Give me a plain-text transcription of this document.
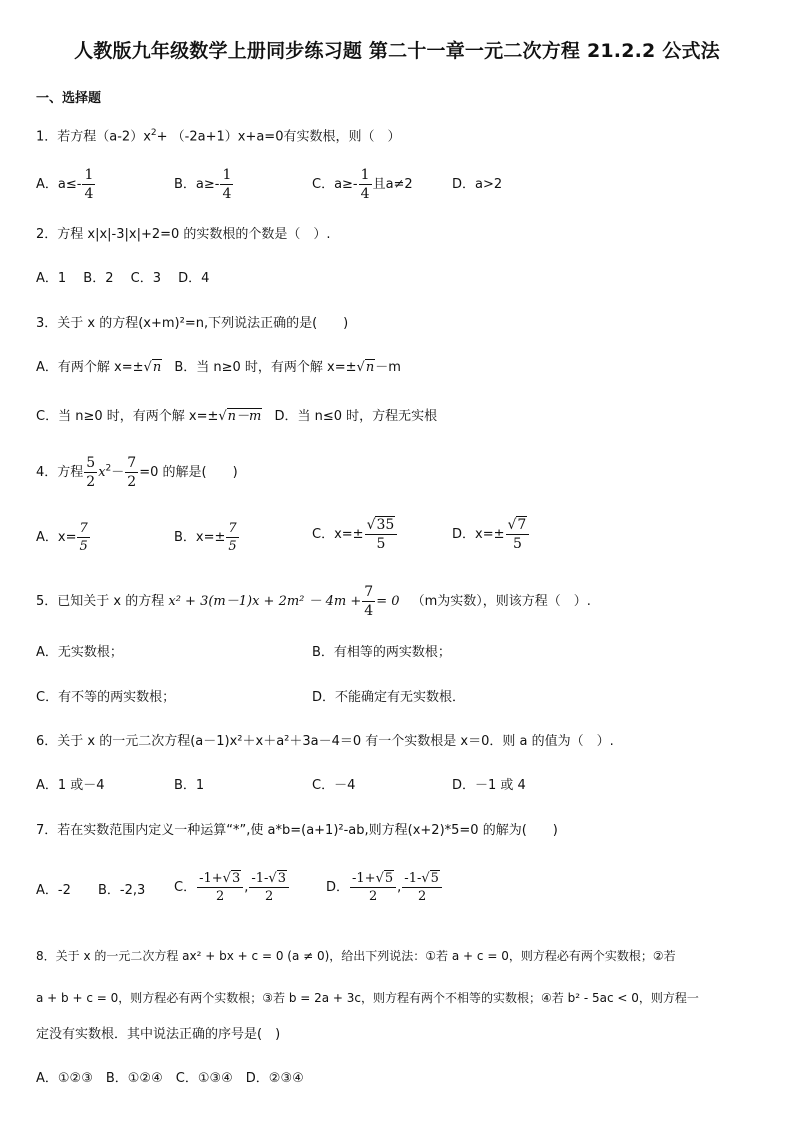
人教版九年级数学上册同步练习题 第二十一章一元二次方程 21.2.2 公式法
一、选择题
1．若方程$(a-2)x^2+ (-2a+1)x+a=0$有实数根，则（　）
A．$a\le- \frac{1}{4}$	B．$a\ge- \frac{1}{4}$	C．$a\ge- \frac{1}{4}$ 且a≠2	D．a>2
2．方程 x|x|-3|x|+2=0 的实数根的个数是（　）.
A．1　 B．2　 C．3　 D．4
3．关于 x 的方程(x+m)²=n,下列说法正确的是(　　)
A．有两个解 x=±√n B．当 n≥0 时，有两个解 x=±√n－m
C．当 n≥0 时，有两个解 x=±√n－m D．当 n≤0 时，方程无实根
4．方程 $\frac{5}{2} x^2- \frac{7}{2} =0$ 的解是(　　)
A．$x= \frac{7}{5}$	B．$x=\pm \frac{7}{5}$	C．$x=\pm \frac{√35}{5}$	D．$x=\pm \frac{√7}{5}$
5．已知关于 x 的方程 $x^2 + 3(m-1)x + 2m^2 - 4m + \frac{7}{4} = 0$ （m为实数），则该方程（　）.
A．无实数根；	B．有相等的两实数根；
C．有不等的两实数根；	D．不能确定有无实数根．
6．关于 x 的一元二次方程(a－1)x²＋x＋a²＋3a－4＝0 有一个实数根是 x＝0．则 a 的值为（　）.
A．1 或－4	B．1	C．－4	D．－1 或 4
7．若在实数范围内定义一种运算“*”,使 a*b=(a+1)²-ab,则方程(x+2)*5=0 的解为(　　)
A．-2 B．-2,3 C． $\frac{-1+√3}{2}$ , $\frac{-1-√3}{2}$	D． $\frac{-1+√5}{2}$ , $\frac{-1-√5}{2}$
8．关于 x 的一元二次方程 ax² + bx + c = 0 (a ≠ 0)，给出下列说法：①若 a + c = 0，则方程必有两个实数根；②若
a + b + c = 0，则方程必有两个实数根；③若 b = 2a + 3c，则方程有两个不相等的实数根；④若 b² - 5ac < 0，则方程一
定没有实数根．其中说法正确的序号是(　)
A．①②③　B．①②④　C．①③④　D．②③④
